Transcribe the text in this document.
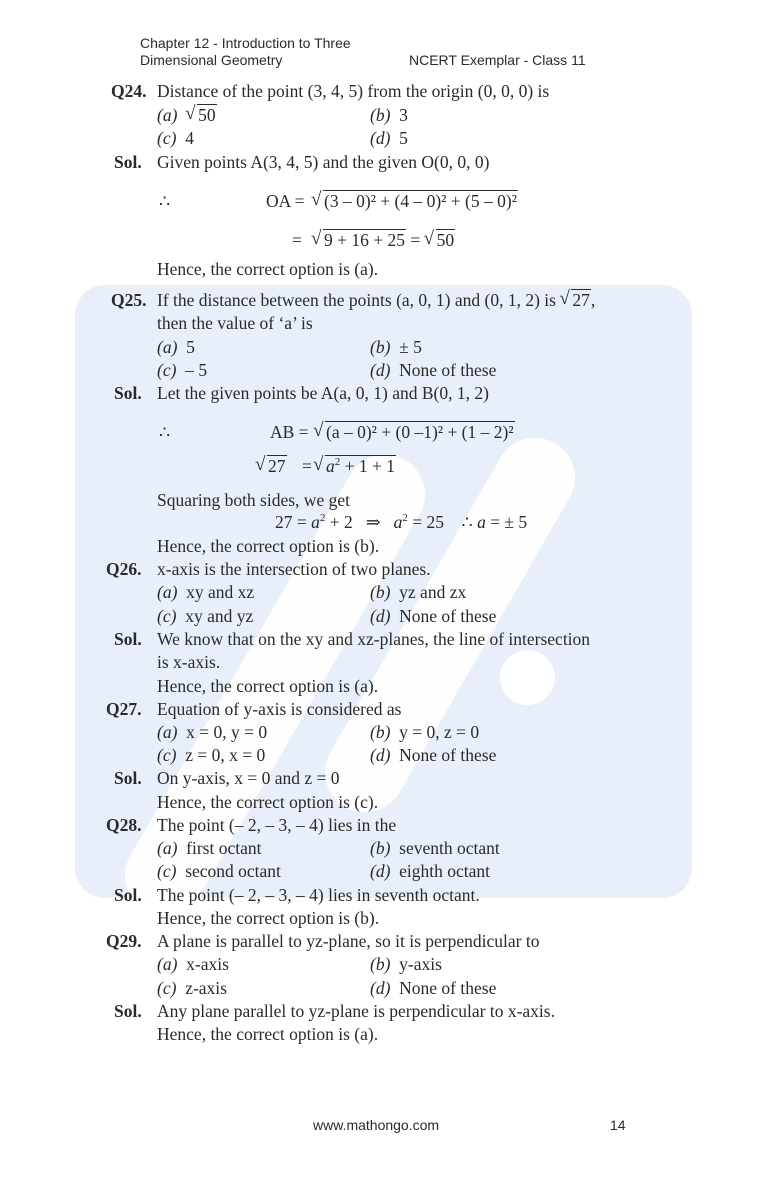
Chapter 12 - Introduction to Three
Dimensional Geometry	NCERT Exemplar - Class 11
Q24. Distance of the point (3, 4, 5) from the origin (0, 0, 0) is
(a) √ 50	(b) 3
(c) 4	(d) 5
Sol. Given points A(3, 4, 5) and the given O(0, 0, 0)
∴	OA =	√ (3 – 0)² + (4 – 0)² + (5 – 0)²
=	√ 9 + 16 + 25 = √ 50
Hence, the correct option is (a).
Q25. If the distance between the points (a, 0, 1) and (0, 1, 2) is √ 27,
then the value of ‘a’ is
(a) 5	(b) ± 5
(c) – 5	(d) None of these
Sol. Let the given points be A(a, 0, 1) and B(0, 1, 2)
∴	AB = √ (a – 0)² + (0 –1)² + (1 – 2)²
√ 27 = √ $a^2 + 1 + 1$
Squaring both sides, we get
$27 = a^2 + 2$   ⇒   $a^2 = 25$    ∴ a = ± 5
Hence, the correct option is (b).
Q26. x-axis is the intersection of two planes.
(a) xy and xz	(b) yz and zx
(c) xy and yz	(d) None of these
Sol. We know that on the xy and xz-planes, the line of intersection
is x-axis.
Hence, the correct option is (a).
Q27. Equation of y-axis is considered as
(a) x = 0, y = 0	(b) y = 0, z = 0
(c) z = 0, x = 0	(d) None of these
Sol. On y-axis, x = 0 and z = 0
Hence, the correct option is (c).
Q28. The point (– 2, – 3, – 4) lies in the
(a) first octant	(b) seventh octant
(c) second octant	(d) eighth octant
Sol. The point (– 2, – 3, – 4) lies in seventh octant.
Hence, the correct option is (b).
Q29. A plane is parallel to yz-plane, so it is perpendicular to
(a) x-axis	(b) y-axis
(c) z-axis	(d) None of these
Sol. Any plane parallel to yz-plane is perpendicular to x-axis.
Hence, the correct option is (a).
www.mathongo.com	14
